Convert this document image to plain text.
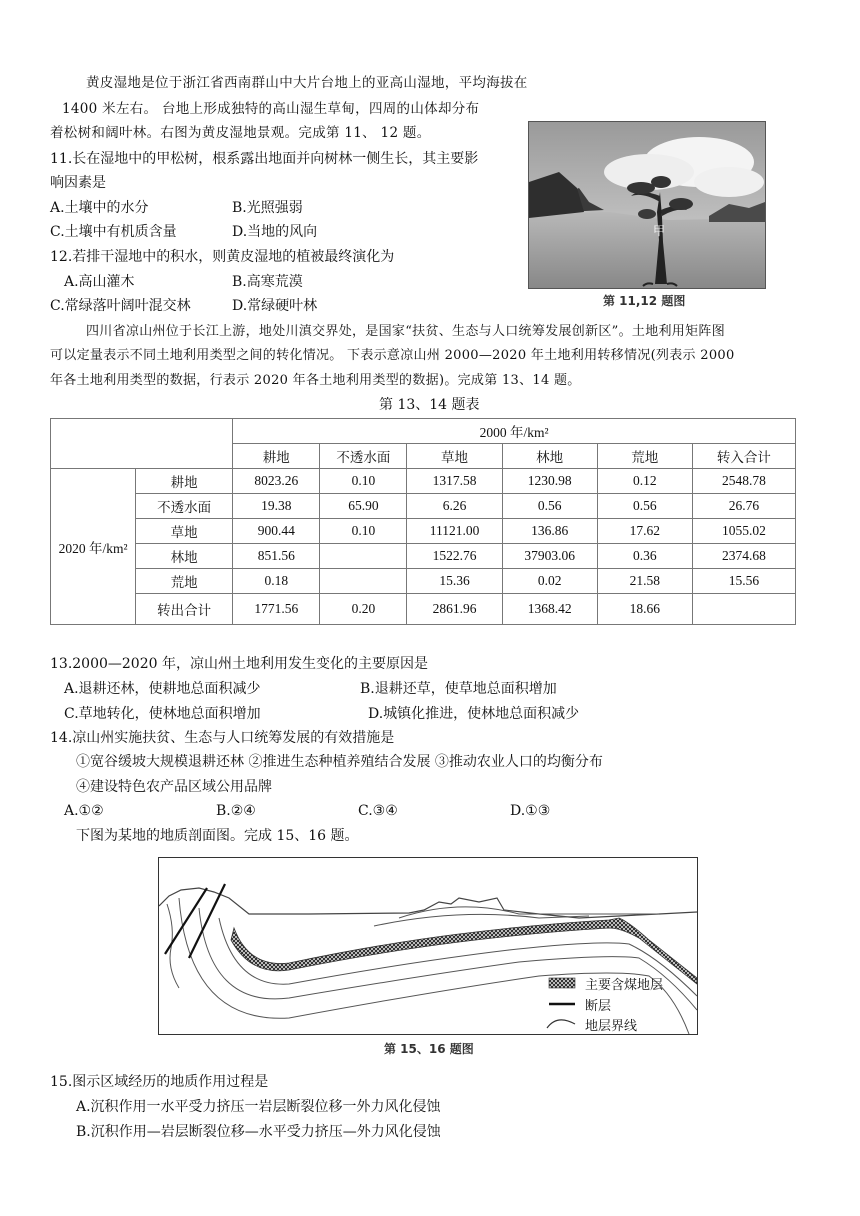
黄皮湿地是位于浙江省西南群山中大片台地上的亚高山湿地，平均海拔在
1400 米左右。 台地上形成独特的高山湿生草甸，四周的山体却分布
着松树和阔叶林。右图为黄皮湿地景观。完成第 11、 12 题。
11.长在湿地中的甲松树，根系露出地面并向树林一侧生长，其主要影
响因素是
A.土壤中的水分	B.光照强弱
C.土壤中有机质含量	D.当地的风向
12.若排干湿地中的积水，则黄皮湿地的植被最终演化为
A.高山灌木	B.高寒荒漠
C.常绿落叶阔叶混交林	D.常绿硬叶林
甲
第 11,12 题图
四川省凉山州位于长江上游，地处川滇交界处，是国家“扶贫、生态与人口统筹发展创新区”。土地利用矩阵图
可以定量表示不同土地利用类型之间的转化情况。 下表示意凉山州 2000—2020 年土地利用转移情况(列表示 2000
年各土地利用类型的数据，行表示 2020 年各土地利用类型的数据)。完成第 13、14 题。
第 13、14 题表
		2000 年/km²					
		耕地	不透水面	草地	林地	荒地	转入合计
2020 年/km²	耕地	8023.26	0.10	1317.58	1230.98	0.12	2548.78
	不透水面	19.38	65.90	6.26	0.56	0.56	26.76
	草地	900.44	0.10	11121.00	136.86	17.62	1055.02
	林地	851.56		1522.76	37903.06	0.36	2374.68
	荒地	0.18		15.36	0.02	21.58	15.56
	转出合计	1771.56	0.20	2861.96	1368.42	18.66	
13.2000—2020 年，凉山州土地利用发生变化的主要原因是
A.退耕还林，使耕地总面积减少	B.退耕还草，使草地总面积增加
C.草地转化，使林地总面积增加	D.城镇化推进，使林地总面积减少
14.凉山州实施扶贫、生态与人口统筹发展的有效措施是
①宽谷缓坡大规模退耕还林 ②推进生态种植养殖结合发展 ③推动农业人口的均衡分布
④建设特色农产品区域公用品牌
A.①②	B.②④	C.③④	D.①③
下图为某地的地质剖面图。完成 15、16 题。
主要含煤地层
断层
地层界线
第 15、16 题图
15.图示区域经历的地质作用过程是
A.沉积作用一水平受力挤压一岩层断裂位移一外力风化侵蚀
B.沉积作用—岩层断裂位移—水平受力挤压—外力风化侵蚀
